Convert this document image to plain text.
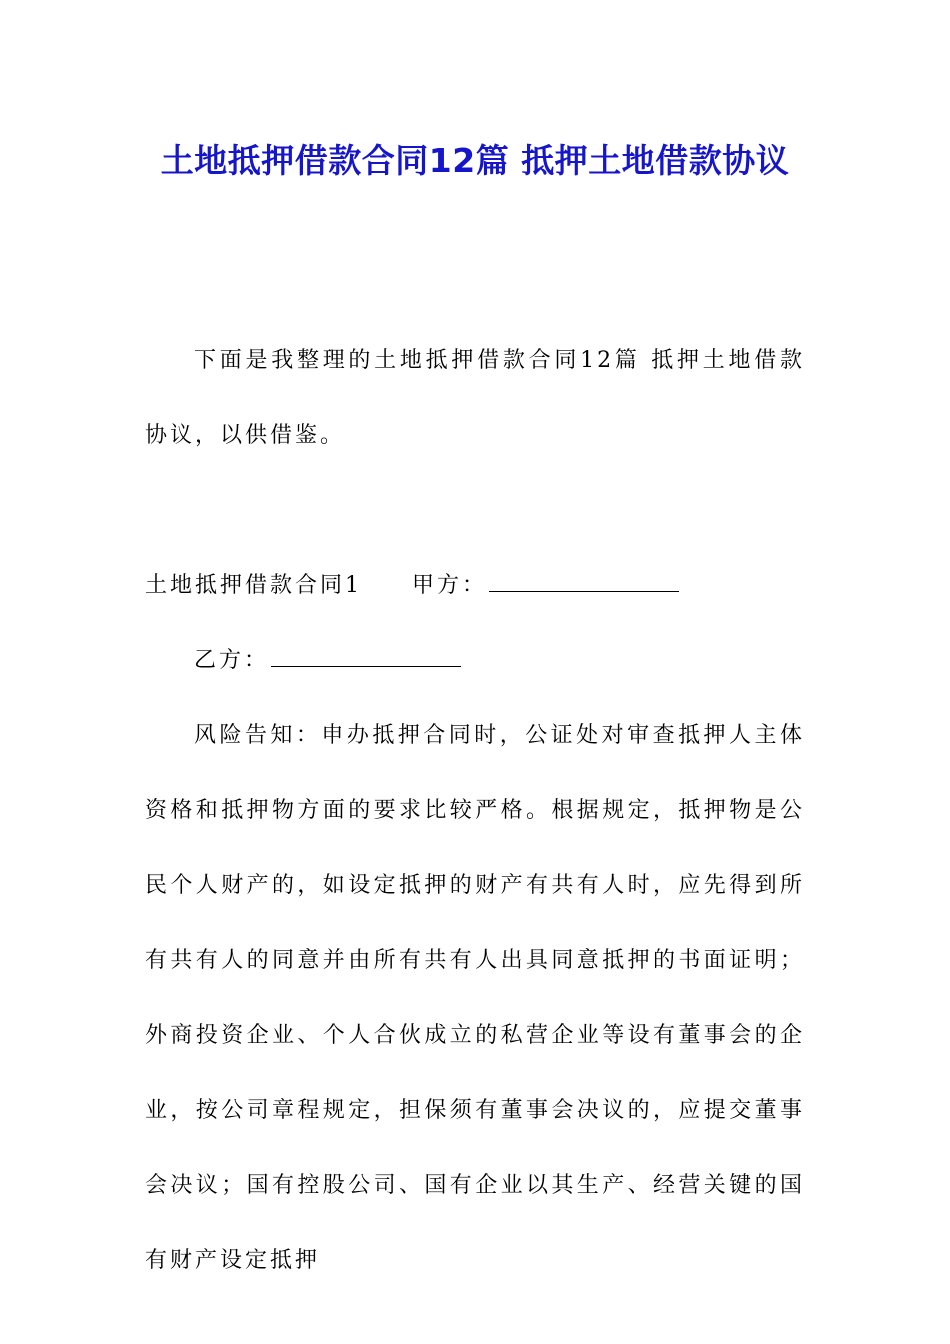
土地抵押借款合同12篇 抵押土地借款协议
下面是我整理的土地抵押借款合同12篇 抵押土地借款协议，以供借鉴。
土地抵押借款合同1 甲方：
乙方：
风险告知：申办抵押合同时，公证处对审查抵押人主体资格和抵押物方面的要求比较严格。根据规定，抵押物是公民个人财产的，如设定抵押的财产有共有人时，应先得到所有共有人的同意并由所有共有人出具同意抵押的书面证明；外商投资企业、个人合伙成立的私营企业等设有董事会的企业，按公司章程规定，担保须有董事会决议的，应提交董事会决议；国有控股公司、国有企业以其生产、经营关键的国有财产设定抵押
